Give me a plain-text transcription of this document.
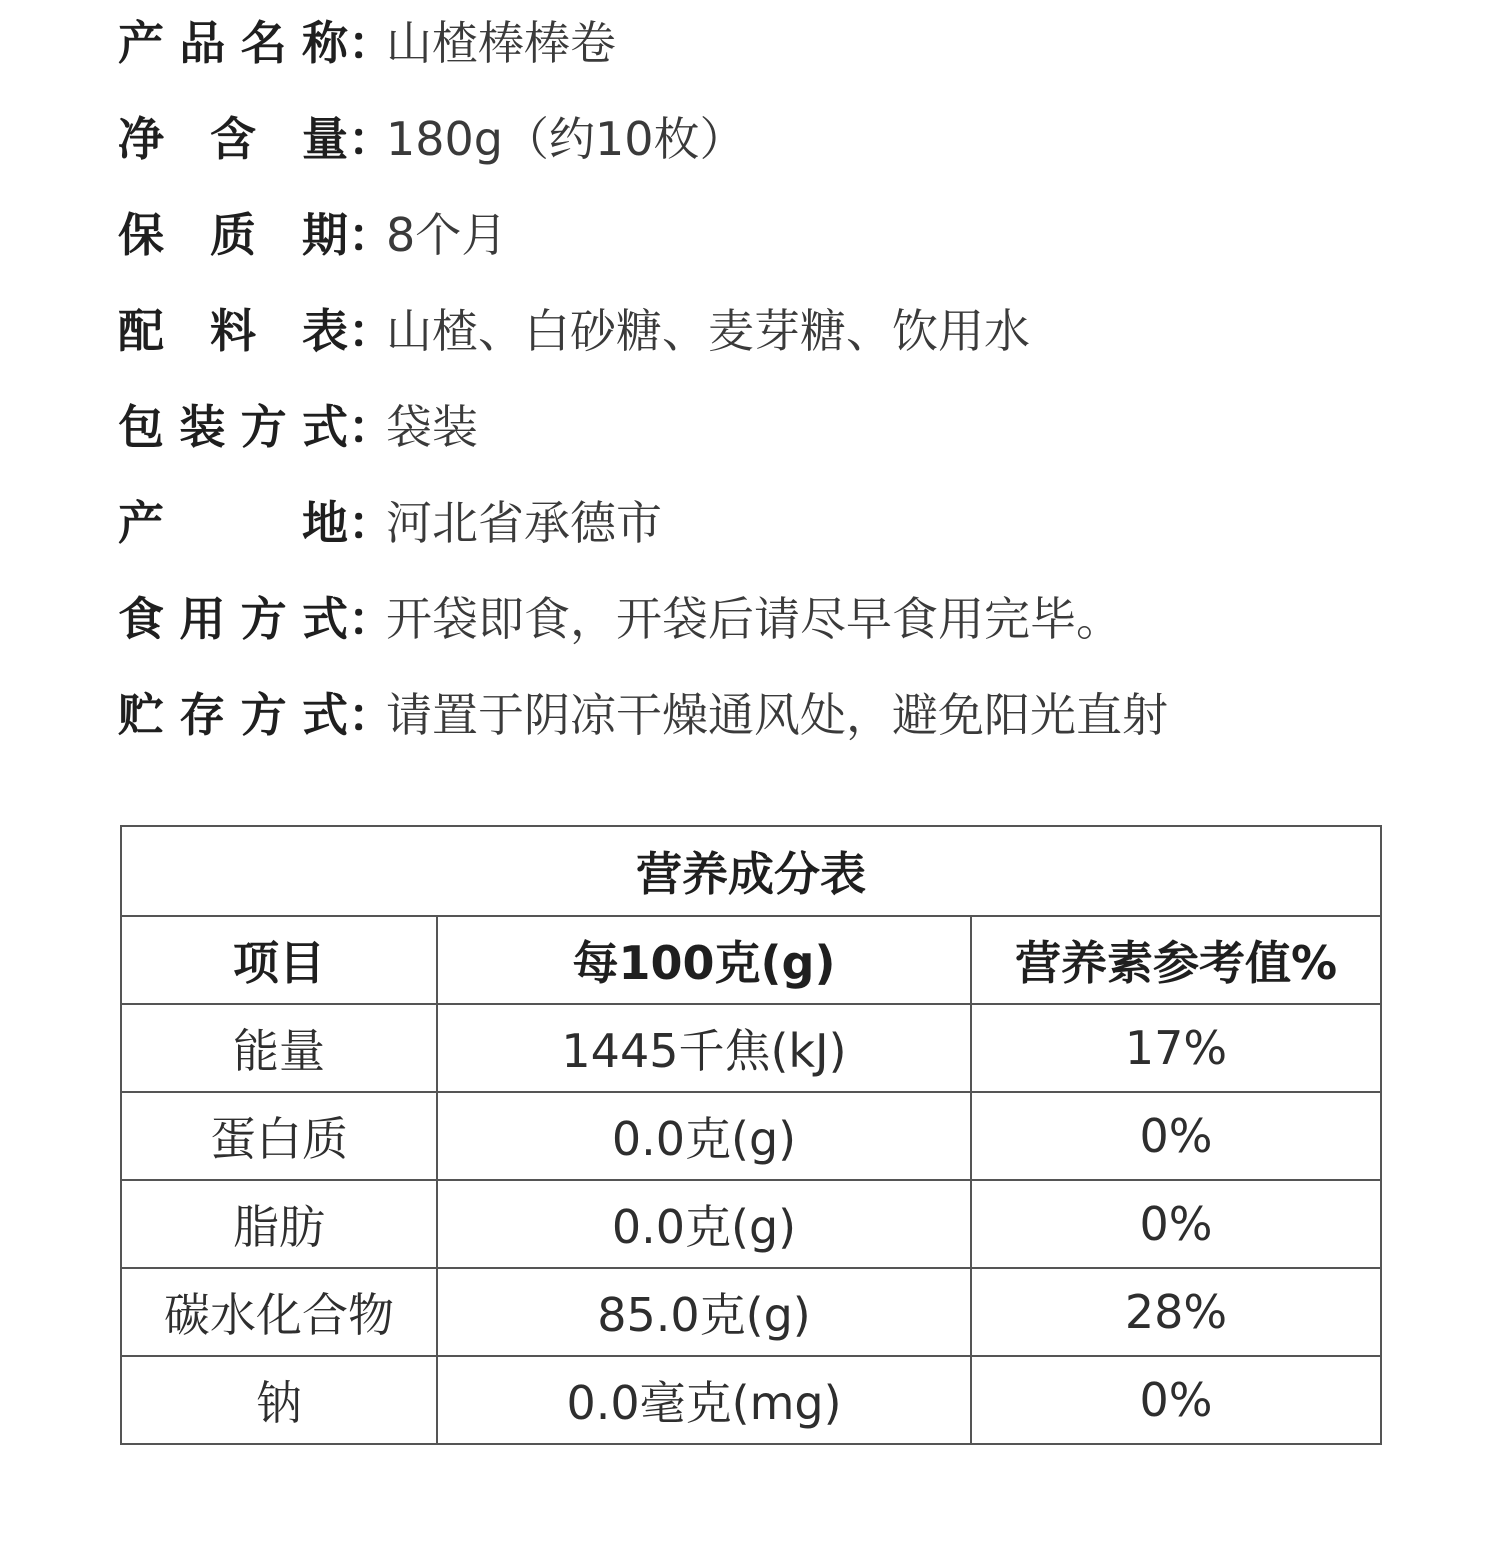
产 品 名 称 ：
山楂棒棒卷
净 含 量 ：
180g（约10枚）
保 质 期 ：
8个月
配 料 表 ：
山楂、白砂糖、麦芽糖、饮用水
包 装 方 式 ：
袋装
产	地 ：
河北省承德市
食 用 方 式 ：
开袋即食，开袋后请尽早食用完毕。
贮 存 方 式 ：
请置于阴凉干燥通风处，避免阳光直射
营养成分表		
项目	每100克(g)	营养素参考值%
能量	1445千焦(kJ)	17%
蛋白质	0.0克(g)	0%
脂肪	0.0克(g)	0%
碳水化合物	85.0克(g)	28%
钠	0.0毫克(mg)	0%
